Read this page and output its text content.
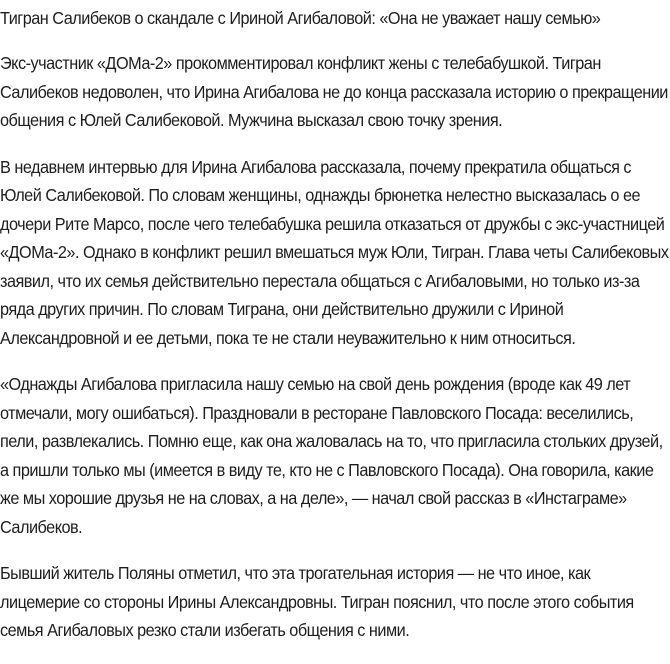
Тигран Салибеков о скандале с Ириной Агибаловой: «Она не уважает нашу семью»

Экс-участник «ДОМа-2» прокомментировал конфликт жены с телебабушкой. Тигран Салибеков недоволен, что Ирина Агибалова не до конца рассказала историю о прекращении общения с Юлей Салибековой. Мужчина высказал свою точку зрения.

В недавнем интервью для Ирина Агибалова рассказала, почему прекратила общаться с Юлей Салибековой. По словам женщины, однажды брюнетка нелестно высказалась о ее дочери Рите Марсо, после чего телебабушка решила отказаться от дружбы с экс-участницей «ДОМа-2». Однако в конфликт решил вмешаться муж Юли, Тигран. Глава четы Салибековых заявил, что их семья действительно перестала общаться с Агибаловыми, но только из-за ряда других причин. По словам Тиграна, они действительно дружили с Ириной Александровной и ее детьми, пока те не стали неуважительно к ним относиться.

«Однажды Агибалова пригласила нашу семью на свой день рождения (вроде как 49 лет отмечали, могу ошибаться). Праздновали в ресторане Павловского Посада: веселились, пели, развлекались. Помню еще, как она жаловалась на то, что пригласила стольких друзей, а пришли только мы (имеется в виду те, кто не с Павловского Посада). Она говорила, какие же мы хорошие друзья не на словах, а на деле», — начал свой рассказ в «Инстаграме» Салибеков.

Бывший житель Поляны отметил, что эта трогательная история — не что иное, как лицемерие со стороны Ирины Александровны. Тигран пояснил, что после этого события семья Агибаловых резко стали избегать общения с ними.
